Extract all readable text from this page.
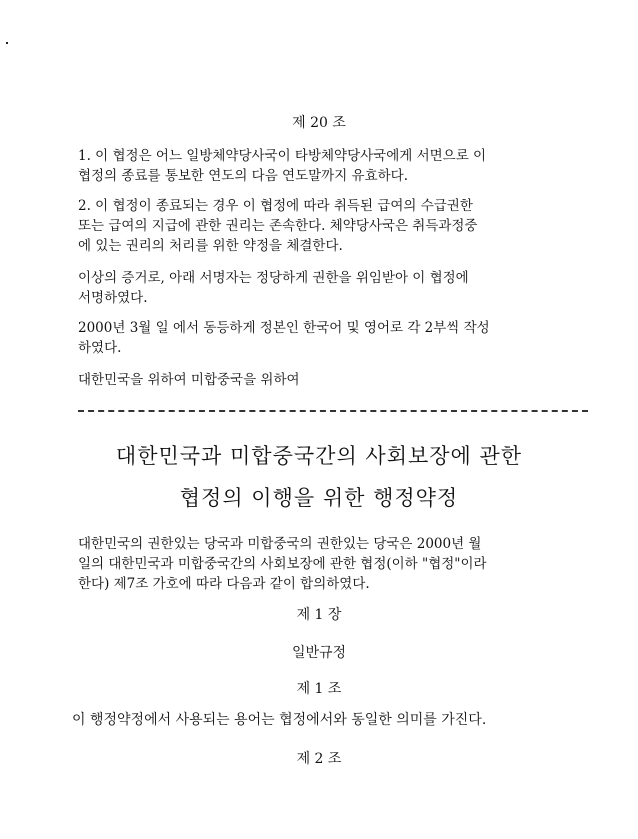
제 20 조
1. 이 협정은 어느 일방체약당사국이 타방체약당사국에게 서면으로 이
협정의 종료를 통보한 연도의 다음 연도말까지 유효하다.
2. 이 협정이 종료되는 경우 이 협정에 따라 취득된 급여의 수급권한
또는 급여의 지급에 관한 권리는 존속한다. 체약당사국은 취득과정중
에 있는 권리의 처리를 위한 약정을 체결한다.
이상의 증거로, 아래 서명자는 정당하게 권한을 위임받아 이 협정에
서명하였다.
2000년 3월 일 에서 동등하게 정본인 한국어 및 영어로 각 2부씩 작성
하였다.
대한민국을 위하여 미합중국을 위하여
대한민국과 미합중국간의 사회보장에 관한
협정의 이행을 위한 행정약정
대한민국의 권한있는 당국과 미합중국의 권한있는 당국은 2000년 월
일의 대한민국과 미합중국간의 사회보장에 관한 협정(이하 "협정"이라
한다) 제7조 가호에 따라 다음과 같이 합의하였다.
제 1 장
일반규정
제 1 조
이 행정약정에서 사용되는 용어는 협정에서와 동일한 의미를 가진다.
제 2 조
